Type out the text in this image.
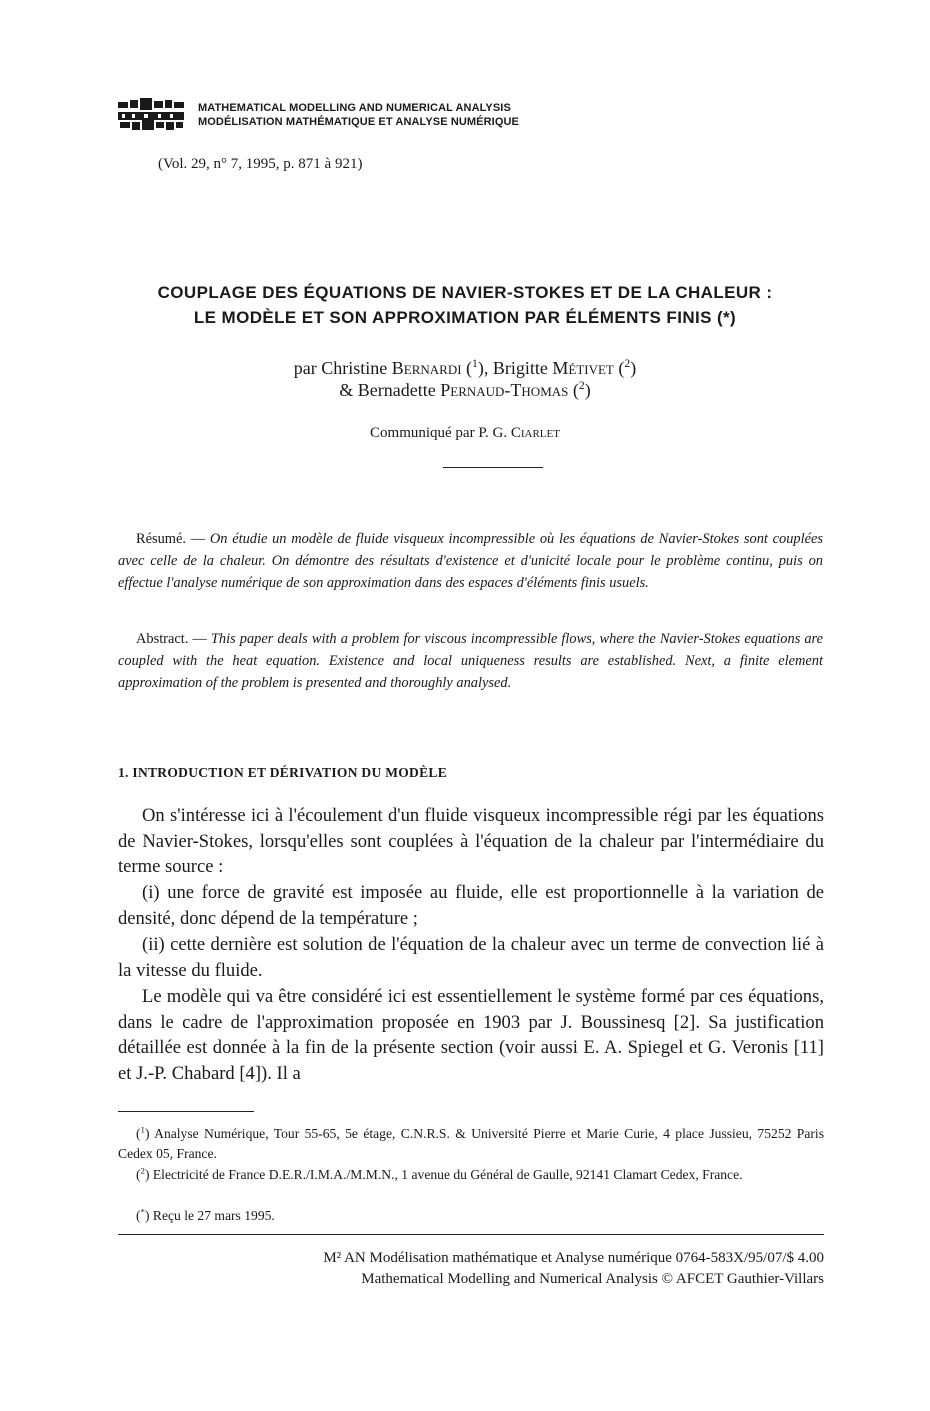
MATHEMATICAL MODELLING AND NUMERICAL ANALYSIS
MODÉLISATION MATHÉMATIQUE ET ANALYSE NUMÉRIQUE
(Vol. 29, n° 7, 1995, p. 871 à 921)
COUPLAGE DES ÉQUATIONS DE NAVIER-STOKES ET DE LA CHALEUR :
LE MODÈLE ET SON APPROXIMATION PAR ÉLÉMENTS FINIS (*)
par Christine Bernardi ($^1$), Brigitte Métivet ($^2$)
& Bernadette Pernaud-Thomas ($^2$)
Communiqué par P. G. Ciarlet
Résumé. — On étudie un modèle de fluide visqueux incompressible où les équations de Navier-Stokes sont couplées avec celle de la chaleur. On démontre des résultats d'existence et d'unicité locale pour le problème continu, puis on effectue l'analyse numérique de son approximation dans des espaces d'éléments finis usuels.
Abstract. — This paper deals with a problem for viscous incompressible flows, where the Navier-Stokes equations are coupled with the heat equation. Existence and local uniqueness results are established. Next, a finite element approximation of the problem is presented and thoroughly analysed.
1. INTRODUCTION ET DÉRIVATION DU MODÈLE
On s'intéresse ici à l'écoulement d'un fluide visqueux incompressible régi par les équations de Navier-Stokes, lorsqu'elles sont couplées à l'équation de la chaleur par l'intermédiaire du terme source :
(i) une force de gravité est imposée au fluide, elle est proportionnelle à la variation de densité, donc dépend de la température ;
(ii) cette dernière est solution de l'équation de la chaleur avec un terme de convection lié à la vitesse du fluide.
Le modèle qui va être considéré ici est essentiellement le système formé par ces équations, dans le cadre de l'approximation proposée en 1903 par J. Boussinesq [2]. Sa justification détaillée est donnée à la fin de la présente section (voir aussi E. A. Spiegel et G. Veronis [11] et J.-P. Chabard [4]). Il a
($^1$) Analyse Numérique, Tour 55-65, 5e étage, C.N.R.S. & Université Pierre et Marie Curie, 4 place Jussieu, 75252 Paris Cedex 05, France.
($^2$) Electricité de France D.E.R./I.M.A./M.M.N., 1 avenue du Général de Gaulle, 92141 Clamart Cedex, France.
(*) Reçu le 27 mars 1995.
M² AN Modélisation mathématique et Analyse numérique 0764-583X/95/07/$ 4.00
Mathematical Modelling and Numerical Analysis © AFCET Gauthier-Villars
